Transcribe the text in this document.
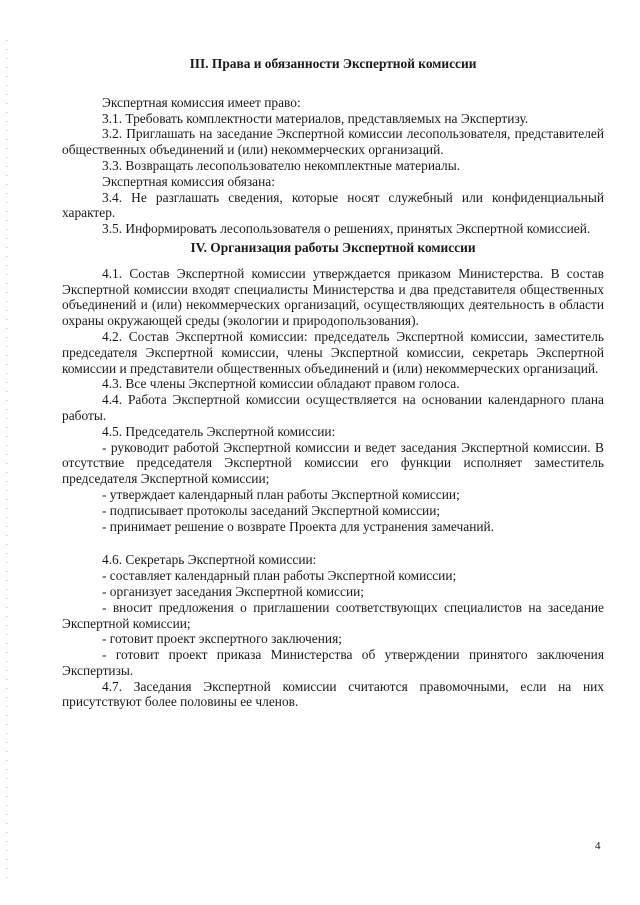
III. Права и обязанности Экспертной комиссии

Экспертная комиссия имеет право:

3.1. Требовать комплектности материалов, представляемых на Экспертизу.

3.2. Приглашать на заседание Экспертной комиссии лесопользователя, представителей общественных объединений и (или) некоммерческих организаций.

3.3. Возвращать лесопользователю некомплектные материалы.

Экспертная комиссия обязана:

3.4. Не разглашать сведения, которые носят служебный или конфиденциальный характер.

3.5. Информировать лесопользователя о решениях, принятых Экспертной комиссией.

IV. Организация работы Экспертной комиссии

4.1. Состав Экспертной комиссии утверждается приказом Министерства. В состав Экспертной комиссии входят специалисты Министерства и два представителя общественных объединений и (или) некоммерческих организаций, осуществляющих деятельность в области охраны окружающей среды (экологии и природопользования).

4.2. Состав Экспертной комиссии: председатель Экспертной комиссии, заместитель председателя Экспертной комиссии, члены Экспертной комиссии, секретарь Экспертной комиссии и представители общественных объединений и (или) некоммерческих организаций.

4.3. Все члены Экспертной комиссии обладают правом голоса.

4.4. Работа Экспертной комиссии осуществляется на основании календарного плана работы.

4.5. Председатель Экспертной комиссии:

- руководит работой Экспертной комиссии и ведет заседания Экспертной комиссии. В отсутствие председателя Экспертной комиссии его функции исполняет заместитель председателя Экспертной комиссии;

- утверждает календарный план работы Экспертной комиссии;

- подписывает протоколы заседаний Экспертной комиссии;

- принимает решение о возврате Проекта для устранения замечаний.

4.6. Секретарь Экспертной комиссии:

- составляет календарный план работы Экспертной комиссии;

- организует заседания Экспертной комиссии;

- вносит предложения о приглашении соответствующих специалистов на заседание Экспертной комиссии;

- готовит проект экспертного заключения;

- готовит проект приказа Министерства об утверждении принятого заключения Экспертизы.

4.7. Заседания Экспертной комиссии считаются правомочными, если на них присутствуют более половины ее членов.

4
